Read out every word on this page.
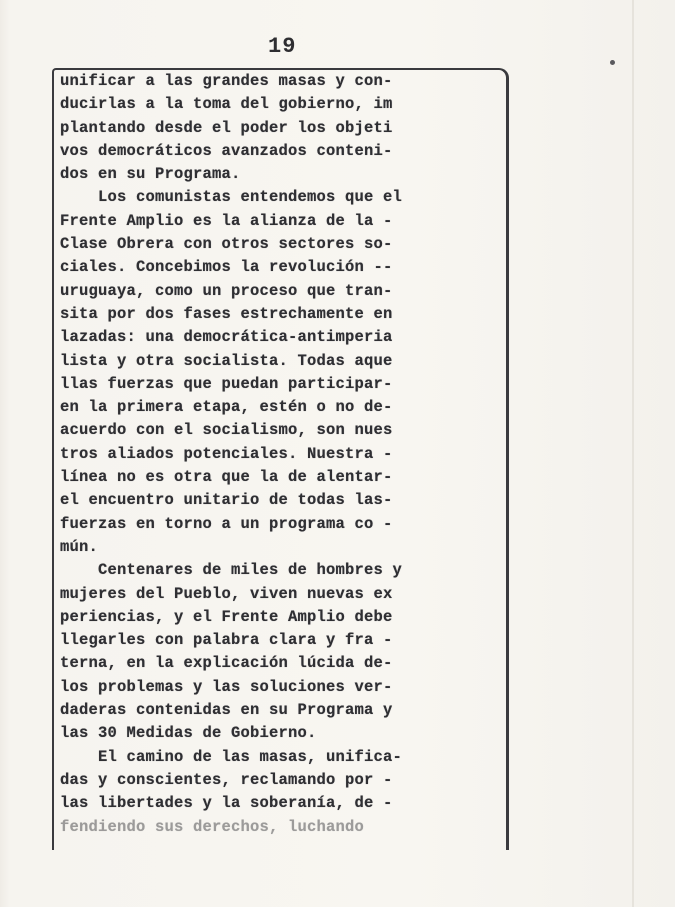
19
unificar a las grandes masas y con-
ducirlas a la toma del gobierno, im
plantando desde el poder los objeti
vos democráticos avanzados conteni-
dos en su Programa.
Los comunistas entendemos que el
Frente Amplio es la alianza de la -
Clase Obrera con otros sectores so-
ciales. Concebimos la revolución --
uruguaya, como un proceso que tran-
sita por dos fases estrechamente en
lazadas: una democrática-antimperia
lista y otra socialista. Todas aque
llas fuerzas que puedan participar-
en la primera etapa, estén o no de-
acuerdo con el socialismo, son nues
tros aliados potenciales. Nuestra -
línea no es otra que la de alentar-
el encuentro unitario de todas las-
fuerzas en torno a un programa co -
mún.
Centenares de miles de hombres y
mujeres del Pueblo, viven nuevas ex
periencias, y el Frente Amplio debe
llegarles con palabra clara y fra -
terna, en la explicación lúcida de-
los problemas y las soluciones ver-
daderas contenidas en su Programa y
las 30 Medidas de Gobierno.
El camino de las masas, unifica-
das y conscientes, reclamando por -
las libertades y la soberanía, de -
fendiendo sus derechos, luchando
